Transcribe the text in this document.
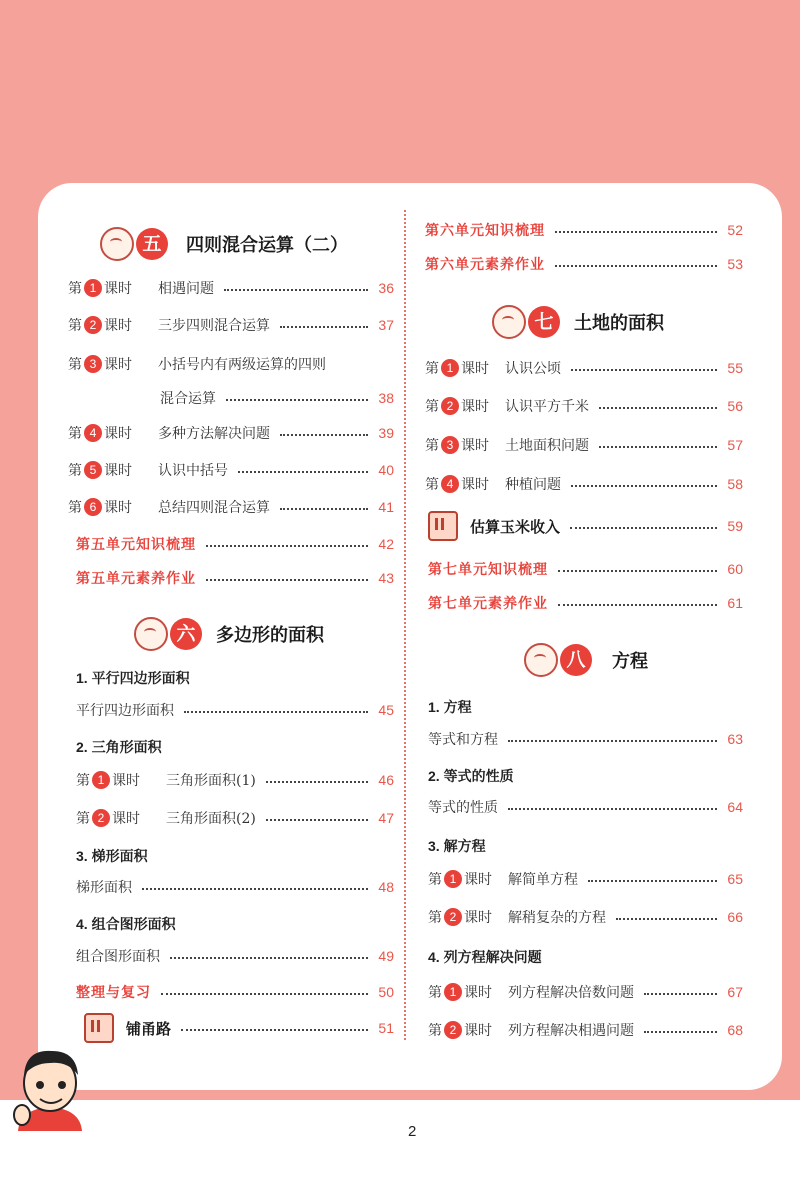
五	四则混合运算（二）
第 1 课时 相遇问题	36
第 2 课时 三步四则混合运算	37
第 3 课时 小括号内有两级运算的四则
混合运算	38
第 4 课时 多种方法解决问题	39
第 5 课时 认识中括号	40
第 6 课时 总结四则混合运算	41
第五单元知识梳理	42
第五单元素养作业	43
六	多边形的面积
1. 平行四边形面积
平行四边形面积	45
2. 三角形面积
第 1 课时 三角形面积(1)	46
第 2 课时 三角形面积(2)	47
3. 梯形面积
梯形面积	48
4. 组合图形面积
组合图形面积	49
整理与复习	50
铺甬路	51
第六单元知识梳理	52
第六单元素养作业	53
七	土地的面积
第 1 课时 认识公顷	55
第 2 课时 认识平方千米	56
第 3 课时 土地面积问题	57
第 4 课时 种植问题	58
估算玉米收入	59
第七单元知识梳理	60
第七单元素养作业	61
八	方程
1. 方程
等式和方程	63
2. 等式的性质
等式的性质	64
3. 解方程
第 1 课时 解简单方程	65
第 2 课时 解稍复杂的方程	66
4. 列方程解决问题
第 1 课时 列方程解决倍数问题	67
第 2 课时 列方程解决相遇问题	68
2
